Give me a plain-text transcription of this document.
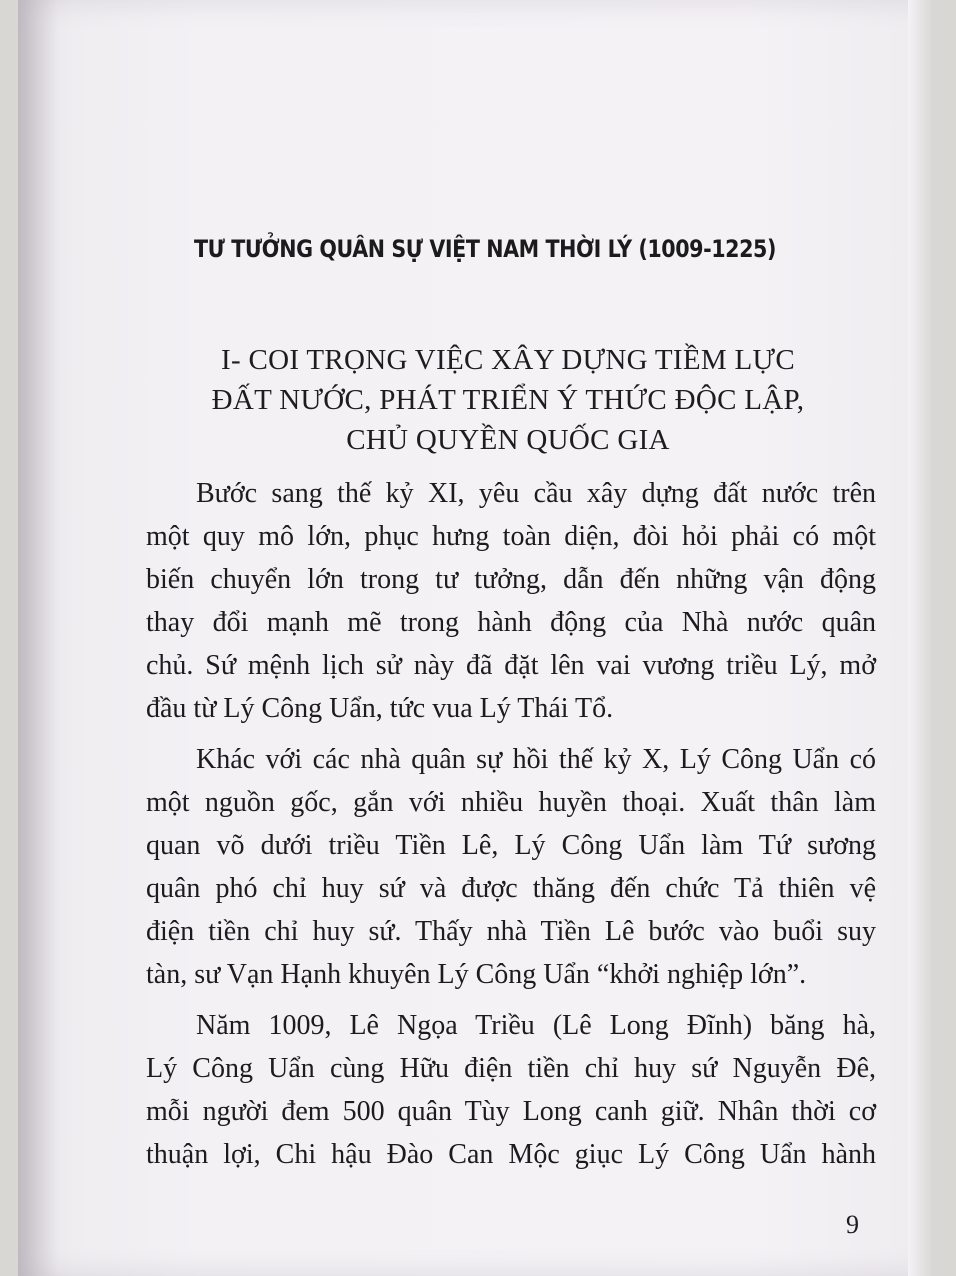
TƯ TƯỞNG QUÂN SỰ VIỆT NAM THỜI LÝ (1009-1225)
I- COI TRỌNG VIỆC XÂY DỰNG TIỀM LỰC
ĐẤT NƯỚC, PHÁT TRIỂN Ý THỨC ĐỘC LẬP,
CHỦ QUYỀN QUỐC GIA
Bước sang thế kỷ XI, yêu cầu xây dựng đất nước trên
một quy mô lớn, phục hưng toàn diện, đòi hỏi phải có một
biến chuyển lớn trong tư tưởng, dẫn đến những vận động
thay đổi mạnh mẽ trong hành động của Nhà nước quân
chủ. Sứ mệnh lịch sử này đã đặt lên vai vương triều Lý, mở
đầu từ Lý Công Uẩn, tức vua Lý Thái Tổ.
Khác với các nhà quân sự hồi thế kỷ X, Lý Công Uẩn có
một nguồn gốc, gắn với nhiều huyền thoại. Xuất thân làm
quan võ dưới triều Tiền Lê, Lý Công Uẩn làm Tứ sương
quân phó chỉ huy sứ và được thăng đến chức Tả thiên vệ
điện tiền chỉ huy sứ. Thấy nhà Tiền Lê bước vào buổi suy
tàn, sư Vạn Hạnh khuyên Lý Công Uẩn “khởi nghiệp lớn”.
Năm 1009, Lê Ngọa Triều (Lê Long Đĩnh) băng hà,
Lý Công Uẩn cùng Hữu điện tiền chỉ huy sứ Nguyễn Đê,
mỗi người đem 500 quân Tùy Long canh giữ. Nhân thời cơ
thuận lợi, Chi hậu Đào Can Mộc giục Lý Công Uẩn hành
9
